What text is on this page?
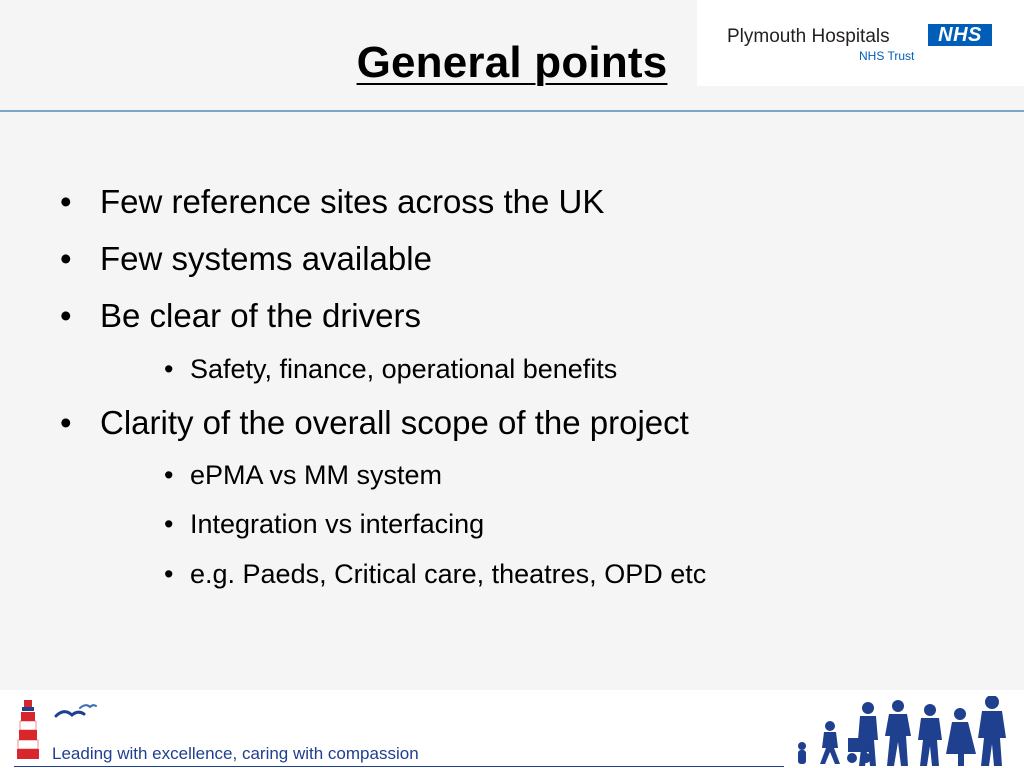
General points
Plymouth Hospitals	NHS
NHS Trust
• Few reference sites across the UK
• Few systems available
• Be clear of the drivers
• Safety, finance, operational benefits
• Clarity of the overall scope of the project
• ePMA vs MM system
• Integration vs interfacing
• e.g. Paeds, Critical care, theatres, OPD etc
Leading with excellence, caring with compassion
